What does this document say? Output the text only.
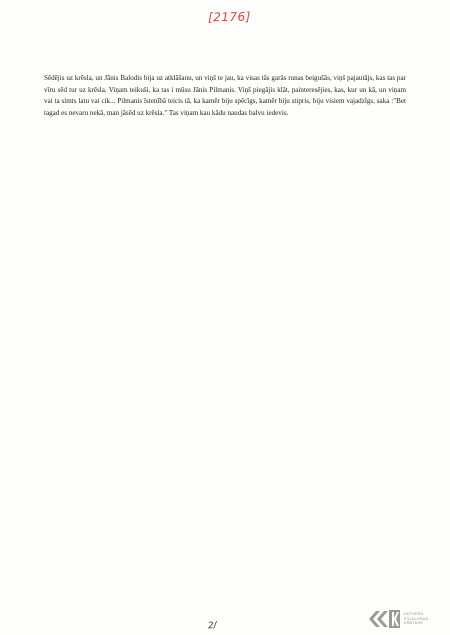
[2176]

Sēdējis uz krēsla, un Jānis Balodis bija uz atklāšanu, un viņš te jau, ka visas tās garās runas beigušās, viņš pajautājs, kas tas par vīru sēd tur uz krēsla. Viņam teikuši, ka tas i mūsu Jānis Pilmanis. Viņš piegājis klāt, painteresējies, kas, kur un kā, un viņam vai ta simts latu vai cik... Pilmanis īstenībā teicis tā, ka kamēr biju spēcīgs, kamēr biju stipris, biju visiem vajadzīgs, saka :"Bet tagad es nevaru nekā, man jāsēd uz krēsla." Tas viņam kau kādu naudas balvu iedevis.

2/
LATVIEŠU
FOLKLORAS
KRĀTUVE
